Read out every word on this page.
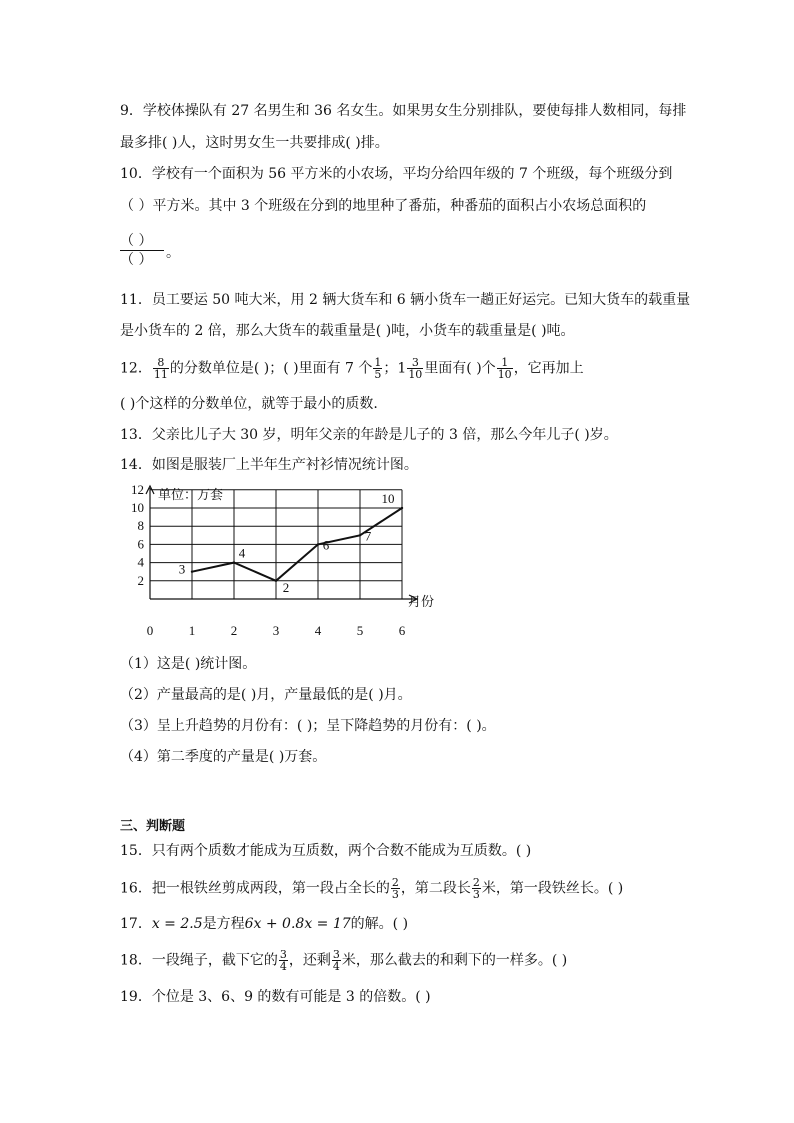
9．学校体操队有 27 名男生和 36 名女生。如果男女生分别排队，要使每排人数相同，每排
最多排( )人，这时男女生一共要排成( )排。
10．学校有一个面积为 56 平方米的小农场，平均分给四年级的 7 个班级，每个班级分到
（ ）平方米。其中 3 个班级在分到的地里种了番茄，种番茄的面积占小农场总面积的
（ ）
（ ） 。
11．员工要运 50 吨大米，用 2 辆大货车和 6 辆小货车一趟正好运完。已知大货车的载重量
是小货车的 2 倍，那么大货车的载重量是( )吨，小货车的载重量是( )吨。
12． $\frac{8}{11}$ 的分数单位是( )；( )里面有 7 个 $\frac{1}{5}$ ；$1 \frac{3}{10}$ 里面有( )个 $\frac{1}{10}$ ，它再加上
( )个这样的分数单位，就等于最小的质数.
13．父亲比儿子大 30 岁，明年父亲的年龄是儿子的 3 倍，那么今年儿子( )岁。
14．如图是服装厂上半年生产衬衫情况统计图。
2
4
6
8
10
12
0	1	2	3	4	5	6
3
4
2
6
7
10
单位：万套
月份
（1）这是( )统计图。
（2）产量最高的是( )月，产量最低的是( )月。
（3）呈上升趋势的月份有：( )；呈下降趋势的月份有：( )。
（4）第二季度的产量是( )万套。
三、判断题
15．只有两个质数才能成为互质数，两个合数不能成为互质数。( )
16．把一根铁丝剪成两段，第一段占全长的 $\frac{2}{3}$ ，第二段长 $\frac{2}{3}$ 米，第一段铁丝长。( )
17．x = 2.5是方程6x + 0.8x = 17的解。( )
18．一段绳子，截下它的 $\frac{3}{4}$ ，还剩 $\frac{3}{4}$ 米，那么截去的和剩下的一样多。( )
19．个位是 3、6、9 的数有可能是 3 的倍数。( )
